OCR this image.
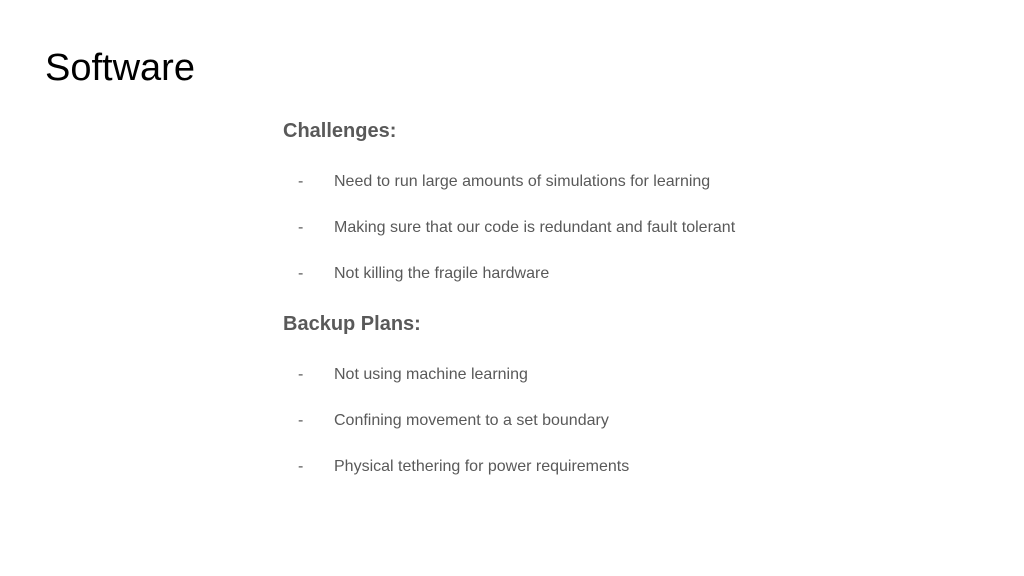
Software
Challenges:
- Need to run large amounts of simulations for learning
- Making sure that our code is redundant and fault tolerant
- Not killing the fragile hardware
Backup Plans:
- Not using machine learning
- Confining movement to a set boundary
- Physical tethering for power requirements
